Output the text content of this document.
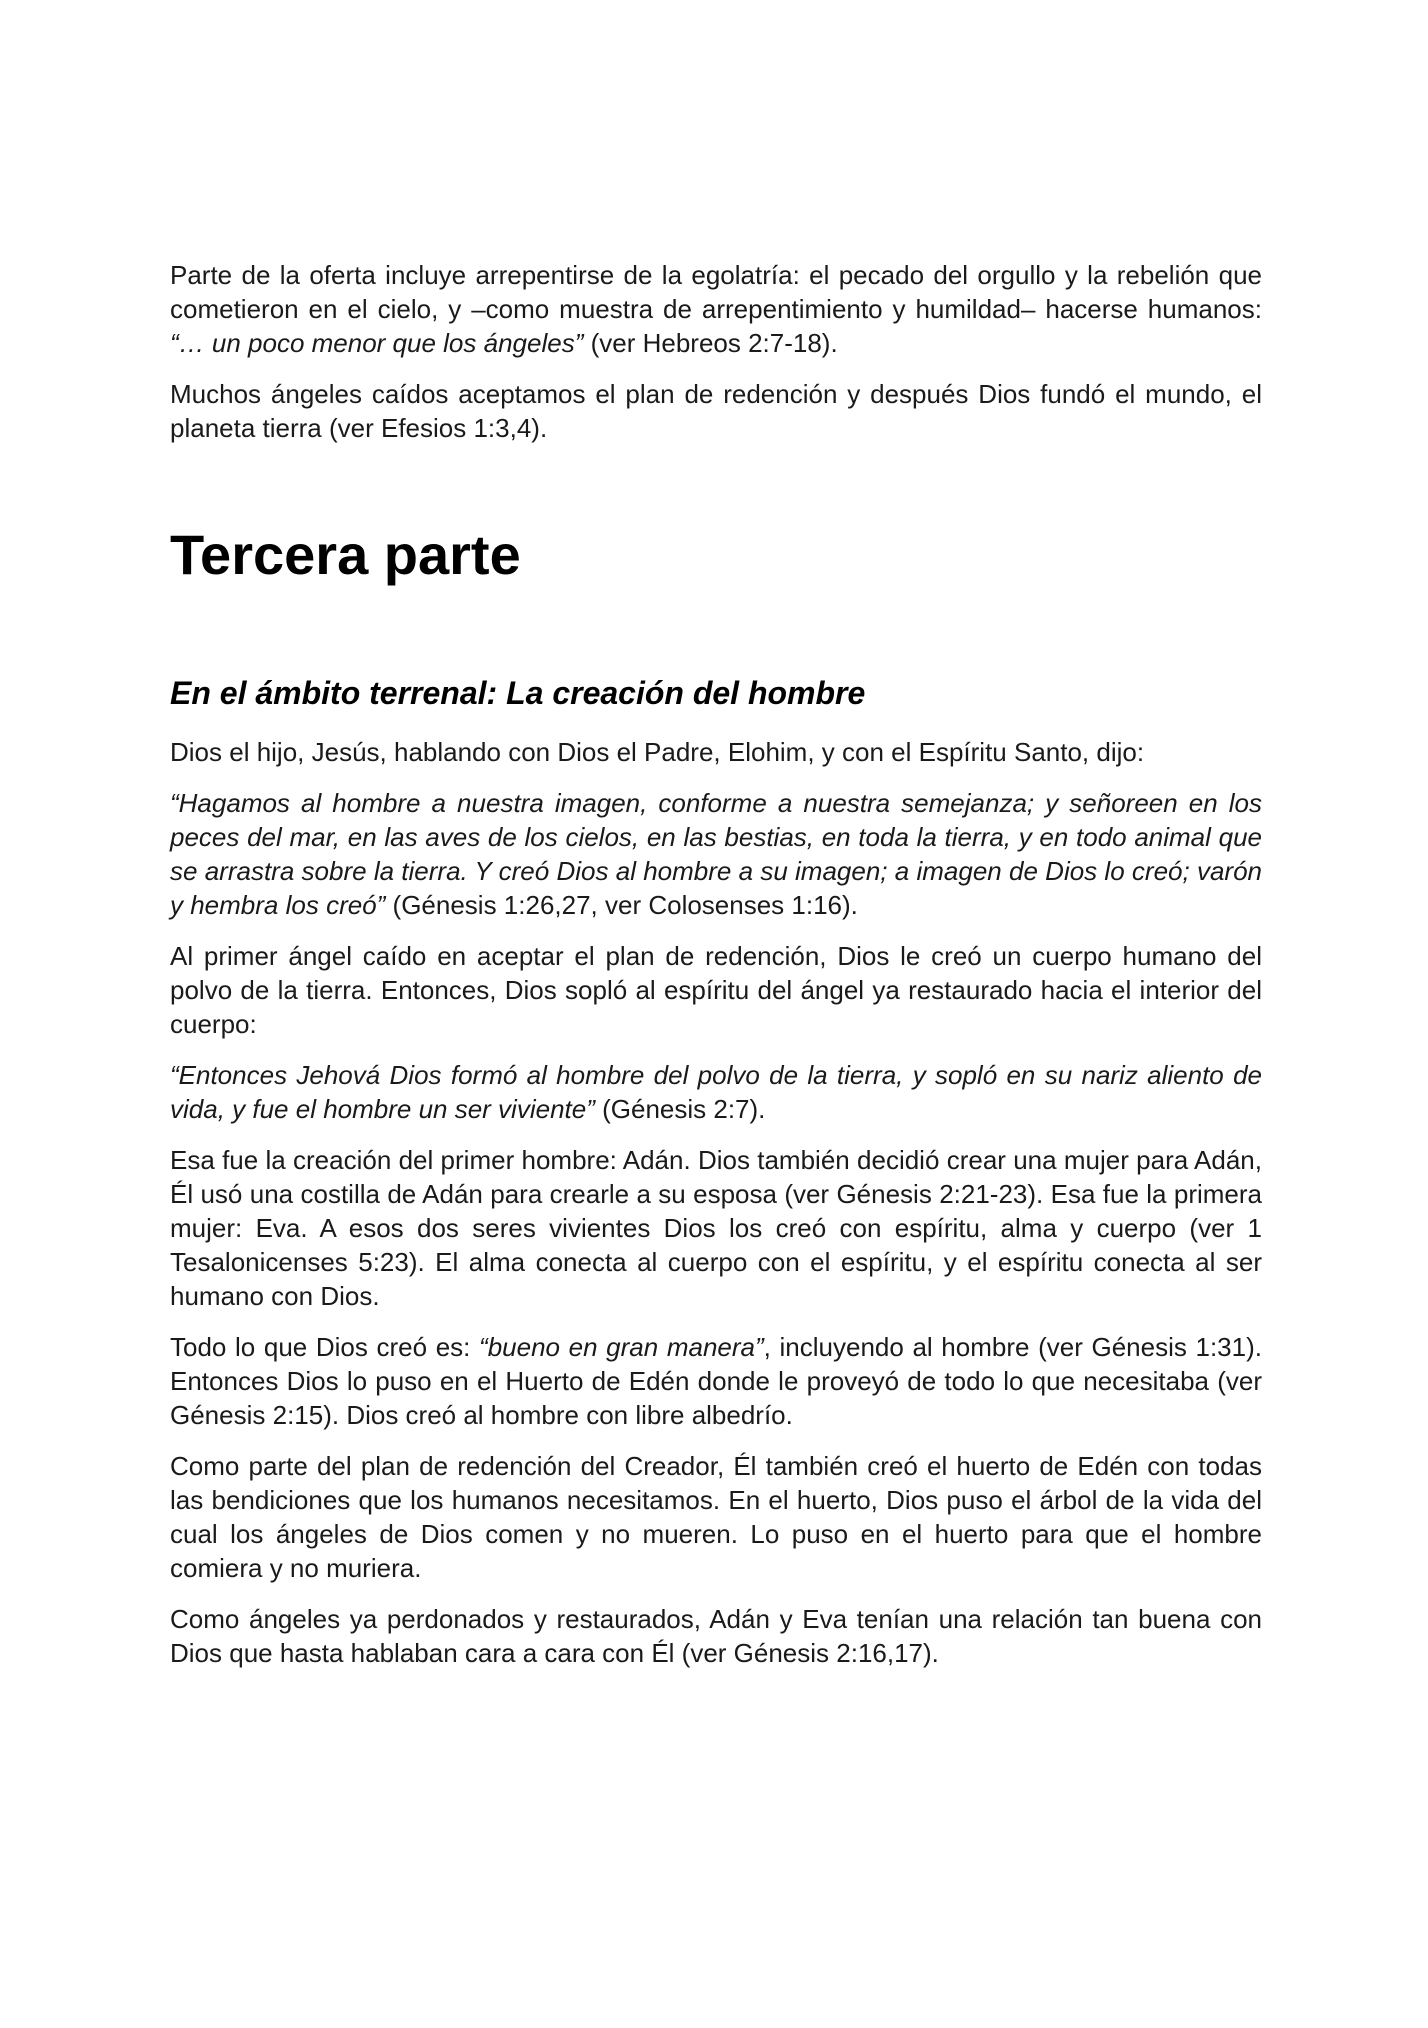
Parte de la oferta incluye arrepentirse de la egolatría: el pecado del orgullo y la rebelión que cometieron en el cielo, y –como muestra de arrepentimiento y humildad– hacerse humanos: “… un poco menor que los ángeles” (ver Hebreos 2:7-18).

Muchos ángeles caídos aceptamos el plan de redención y después Dios fundó el mundo, el planeta tierra (ver Efesios 1:3,4).

Tercera parte
En el ámbito terrenal: La creación del hombre

Dios el hijo, Jesús, hablando con Dios el Padre, Elohim, y con el Espíritu Santo, dijo:

“Hagamos al hombre a nuestra imagen, conforme a nuestra semejanza; y señoreen en los peces del mar, en las aves de los cielos, en las bestias, en toda la tierra, y en todo animal que se arrastra sobre la tierra. Y creó Dios al hombre a su imagen; a imagen de Dios lo creó; varón y hembra los creó” (Génesis 1:26,27, ver Colosenses 1:16).

Al primer ángel caído en aceptar el plan de redención, Dios le creó un cuerpo humano del polvo de la tierra. Entonces, Dios sopló al espíritu del ángel ya restaurado hacia el interior del cuerpo:

“Entonces Jehová Dios formó al hombre del polvo de la tierra, y sopló en su nariz aliento de vida, y fue el hombre un ser viviente” (Génesis 2:7).

Esa fue la creación del primer hombre: Adán. Dios también decidió crear una mujer para Adán, Él usó una costilla de Adán para crearle a su esposa (ver Génesis 2:21-23). Esa fue la primera mujer: Eva. A esos dos seres vivientes Dios los creó con espíritu, alma y cuerpo (ver 1 Tesalonicenses 5:23). El alma conecta al cuerpo con el espíritu, y el espíritu conecta al ser humano con Dios.

Todo lo que Dios creó es: “bueno en gran manera”, incluyendo al hombre (ver Génesis 1:31). Entonces Dios lo puso en el Huerto de Edén donde le proveyó de todo lo que necesitaba (ver Génesis 2:15). Dios creó al hombre con libre albedrío.

Como parte del plan de redención del Creador, Él también creó el huerto de Edén con todas las bendiciones que los humanos necesitamos. En el huerto, Dios puso el árbol de la vida del cual los ángeles de Dios comen y no mueren. Lo puso en el huerto para que el hombre comiera y no muriera.

Como ángeles ya perdonados y restaurados, Adán y Eva tenían una relación tan buena con Dios que hasta hablaban cara a cara con Él (ver Génesis 2:16,17).
